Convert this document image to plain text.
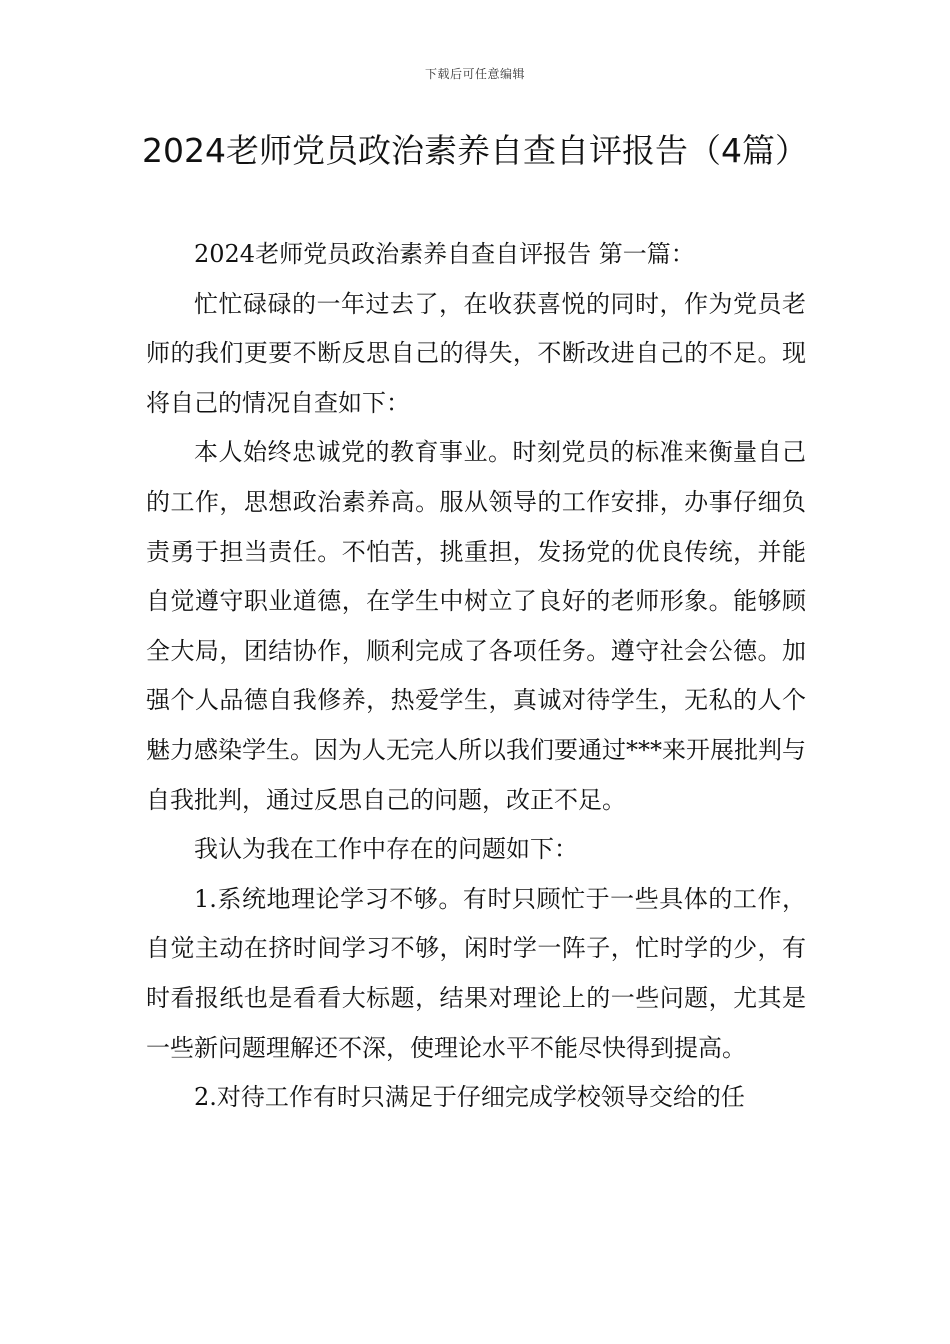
下载后可任意编辑
2024老师党员政治素养自查自评报告（4篇）

2024老师党员政治素养自查自评报告 第一篇：

忙忙碌碌的一年过去了，在收获喜悦的同时，作为党员老师的我们更要不断反思自己的得失，不断改进自己的不足。现将自己的情况自查如下：

本人始终忠诚党的教育事业。时刻党员的标准来衡量自己的工作，思想政治素养高。服从领导的工作安排，办事仔细负责勇于担当责任。不怕苦，挑重担，发扬党的优良传统，并能自觉遵守职业道德，在学生中树立了良好的老师形象。能够顾全大局，团结协作，顺利完成了各项任务。遵守社会公德。加强个人品德自我修养，热爱学生，真诚对待学生，无私的人个魅力感染学生。因为人无完人所以我们要通过***来开展批判与自我批判，通过反思自己的问题，改正不足。

我认为我在工作中存在的问题如下：

1.系统地理论学习不够。有时只顾忙于一些具体的工作，自觉主动在挤时间学习不够，闲时学一阵子，忙时学的少，有时看报纸也是看看大标题，结果对理论上的一些问题，尤其是一些新问题理解还不深，使理论水平不能尽快得到提高。

2.对待工作有时只满足于仔细完成学校领导交给的任
